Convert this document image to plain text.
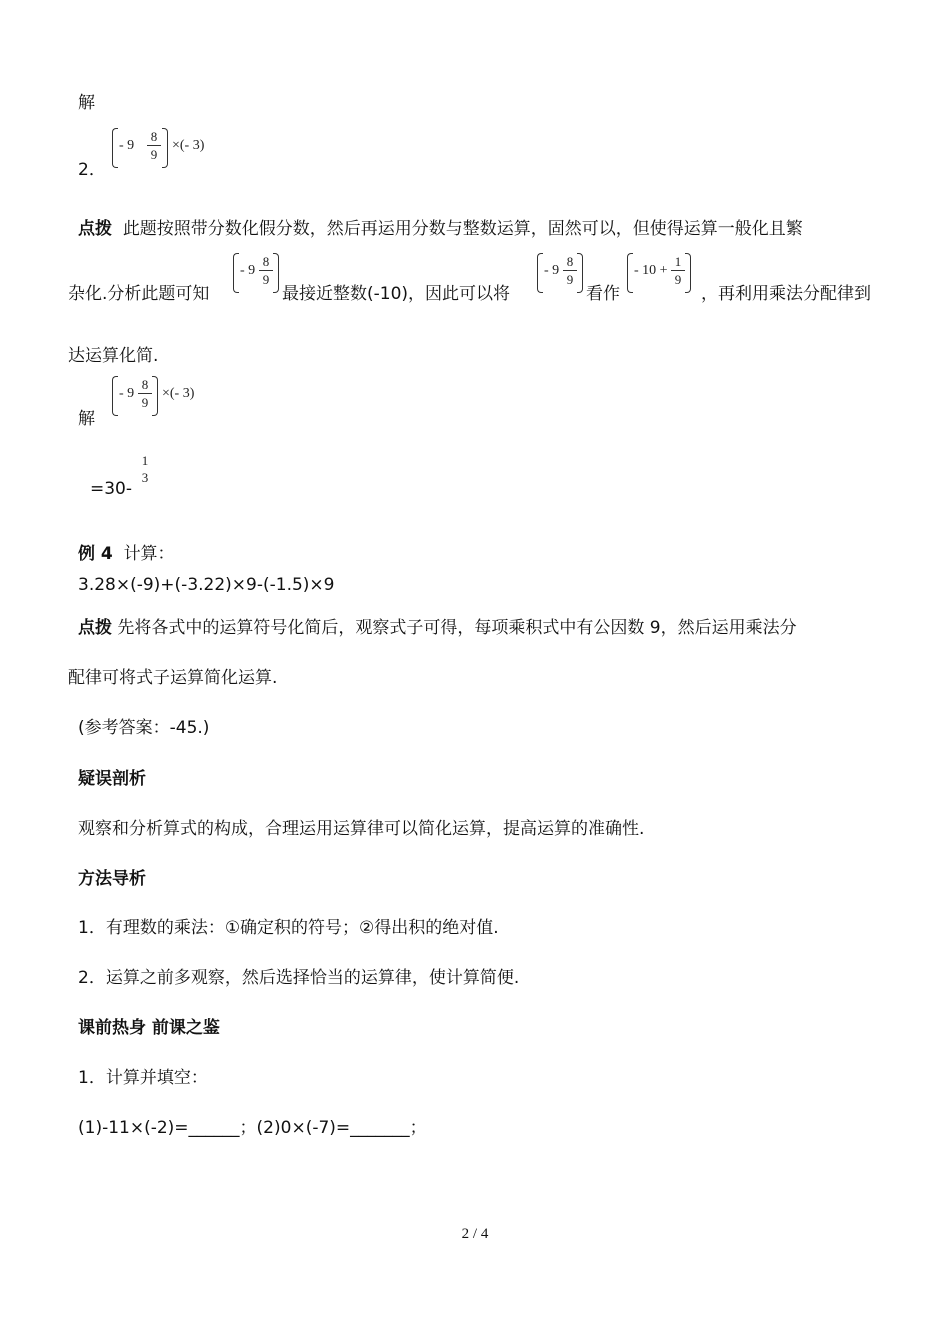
解
2．
- $9 \frac{8}{9}$ ×(- 3)
点拨 此题按照带分数化假分数，然后再运用分数与整数运算，固然可以，但使得运算一般化且繁
杂化.分析此题可知
- $9 \frac{8}{9}$
最接近整数(-10)，因此可以将
- $9 \frac{8}{9}$
看作
- $10 + \frac{1}{9}$
，再利用乘法分配律到
达运算化简.
解
- $9 \frac{8}{9}$ ×(- 3)
=30-
1
3
例 4 计算：
3.28×(-9)+(-3.22)×9-(-1.5)×9
点拨 先将各式中的运算符号化简后，观察式子可得，每项乘积式中有公因数 9，然后运用乘法分
配律可将式子运算简化运算.
(参考答案：-45.)
疑误剖析
观察和分析算式的构成，合理运用运算律可以简化运算，提高运算的准确性.
方法导析
1．有理数的乘法：①确定积的符号；②得出积的绝对值.
2．运算之前多观察，然后选择恰当的运算律，使计算简便.
课前热身 前课之鉴
1．计算并填空：
(1)-11×(-2)=______；(2)0×(-7)=_______；
2 / 4
